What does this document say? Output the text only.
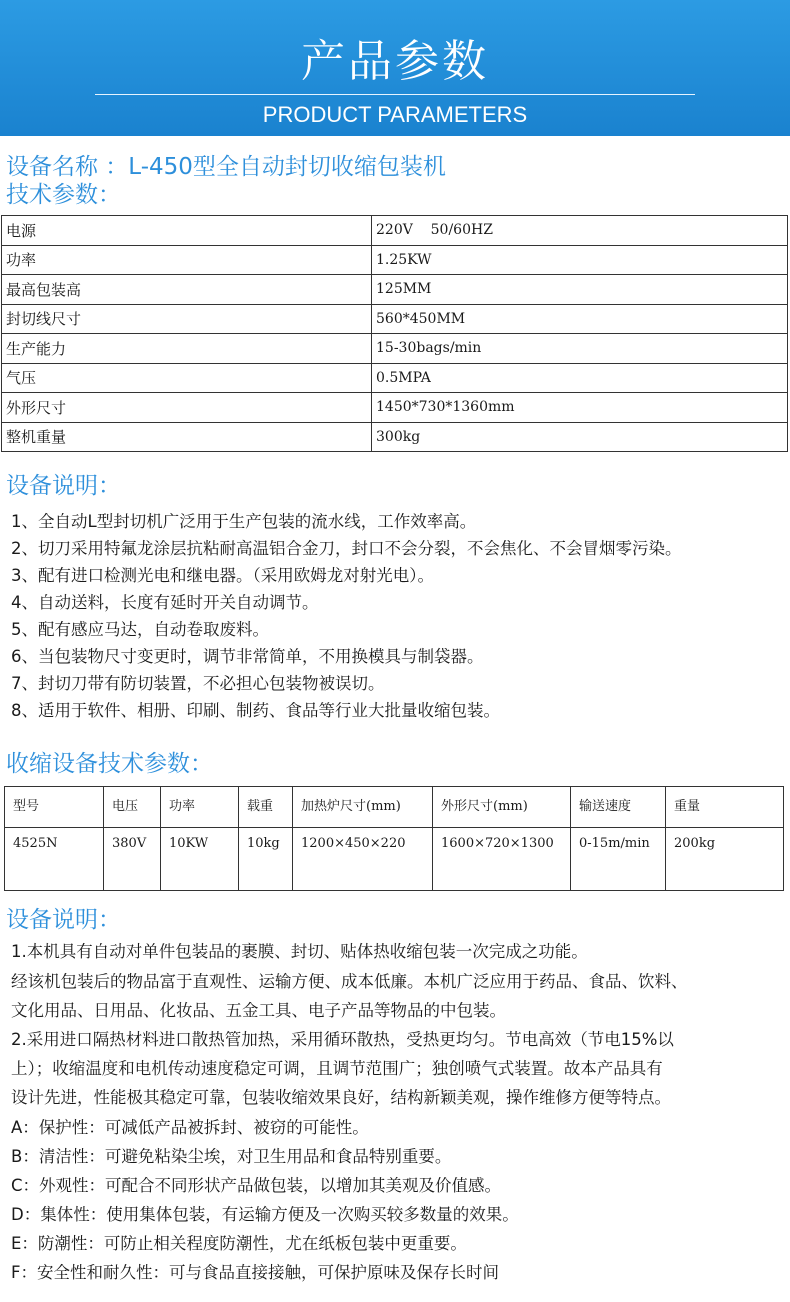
产品参数
PRODUCT PARAMETERS
设备名称 ：L-450型全自动封切收缩包装机
技术参数：
电源	220V    50/60HZ
功率	1.25KW
最高包装高	125MM
封切线尺寸	560*450MM
生产能力	15-30bags/min
气压	0.5MPA
外形尺寸	1450*730*1360mm
整机重量	300kg
设备说明：

1、全自动L型封切机广泛用于生产包装的流水线，工作效率高。

2、切刀采用特氟龙涂层抗粘耐高温铝合金刀，封口不会分裂，不会焦化、不会冒烟零污染。

3、配有进口检测光电和继电器。（采用欧姆龙对射光电）。

4、自动送料，长度有延时开关自动调节。

5、配有感应马达，自动卷取废料。

6、当包装物尺寸变更时，调节非常简单，不用换模具与制袋器。

7、封切刀带有防切装置，不必担心包装物被误切。

8、适用于软件、相册、印刷、制药、食品等行业大批量收缩包装。

收缩设备技术参数：
型号	电压	功率	载重	加热炉尺寸(mm)	外形尺寸(mm)	输送速度	重量
4525N	380V	10KW	10kg	1200×450×220	1600×720×1300	0-15m/min	200kg
设备说明：

1.本机具有自动对单件包装品的裹膜、封切、贴体热收缩包装一次完成之功能。

经该机包装后的物品富于直观性、运输方便、成本低廉。本机广泛应用于药品、食品、饮料、

文化用品、日用品、化妆品、五金工具、电子产品等物品的中包装。

2.采用进口隔热材料进口散热管加热，采用循环散热，受热更均匀。节电高效（节电15%以

上）；收缩温度和电机传动速度稳定可调，且调节范围广；独创喷气式装置。故本产品具有

设计先进，性能极其稳定可靠，包装收缩效果良好，结构新颖美观，操作维修方便等特点。

A：保护性：可减低产品被拆封、被窃的可能性。

B：清洁性：可避免粘染尘埃，对卫生用品和食品特别重要。

C：外观性：可配合不同形状产品做包装，以增加其美观及价值感。

D：集体性：使用集体包装，有运输方便及一次购买较多数量的效果。

E：防潮性：可防止相关程度防潮性，尤在纸板包装中更重要。

F：安全性和耐久性：可与食品直接接触，可保护原味及保存长时间
